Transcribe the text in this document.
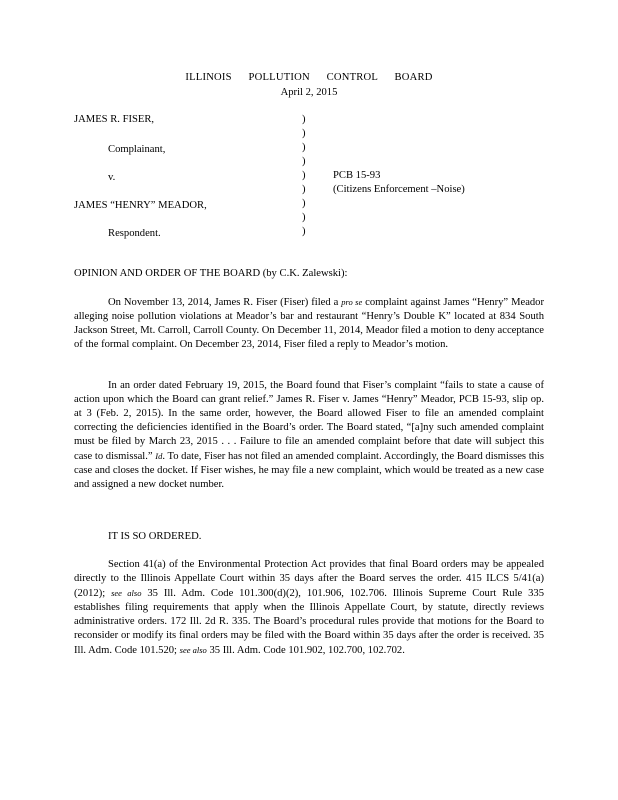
ILLINOIS POLLUTION CONTROL BOARD
April 2, 2015
JAMES R. FISER,
Complainant,
v.
JAMES “HENRY” MEADOR,
Respondent.
)
)
)
)
)
)
)
)
)
PCB 15-93
(Citizens Enforcement –Noise)
OPINION AND ORDER OF THE BOARD (by C.K. Zalewski):
On November 13, 2014, James R. Fiser (Fiser) filed a pro se complaint against James “Henry” Meador alleging noise pollution violations at Meador’s bar and restaurant “Henry’s Double K” located at 834 South Jackson Street, Mt. Carroll, Carroll County. On December 11, 2014, Meador filed a motion to deny acceptance of the formal complaint. On December 23, 2014, Fiser filed a reply to Meador’s motion.
In an order dated February 19, 2015, the Board found that Fiser’s complaint “fails to state a cause of action upon which the Board can grant relief.” James R. Fiser v. James “Henry” Meador, PCB 15-93, slip op. at 3 (Feb. 2, 2015). In the same order, however, the Board allowed Fiser to file an amended complaint correcting the deficiencies identified in the Board’s order. The Board stated, “[a]ny such amended complaint must be filed by March 23, 2015 . . . Failure to file an amended complaint before that date will subject this case to dismissal.” Id. To date, Fiser has not filed an amended complaint. Accordingly, the Board dismisses this case and closes the docket. If Fiser wishes, he may file a new complaint, which would be treated as a new case and assigned a new docket number.
IT IS SO ORDERED.
Section 41(a) of the Environmental Protection Act provides that final Board orders may be appealed directly to the Illinois Appellate Court within 35 days after the Board serves the order. 415 ILCS 5/41(a) (2012); see also 35 Ill. Adm. Code 101.300(d)(2), 101.906, 102.706. Illinois Supreme Court Rule 335 establishes filing requirements that apply when the Illinois Appellate Court, by statute, directly reviews administrative orders. 172 Ill. 2d R. 335. The Board’s procedural rules provide that motions for the Board to reconsider or modify its final orders may be filed with the Board within 35 days after the order is received. 35 Ill. Adm. Code 101.520; see also 35 Ill. Adm. Code 101.902, 102.700, 102.702.
